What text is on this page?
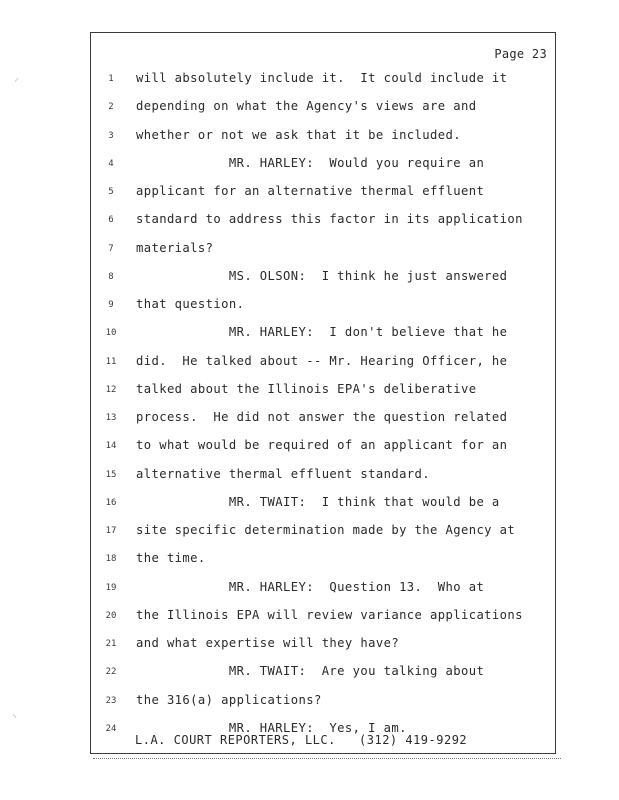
Page 23
1	will absolutely include it.  It could include it
2	depending on what the Agency's views are and
3	whether or not we ask that it be included.
4	MR. HARLEY:  Would you require an
5	applicant for an alternative thermal effluent
6	standard to address this factor in its application
7	materials?
8	MS. OLSON:  I think he just answered
9	that question.
10	MR. HARLEY:  I don't believe that he
11	did.  He talked about -- Mr. Hearing Officer, he
12	talked about the Illinois EPA's deliberative
13	process.  He did not answer the question related
14	to what would be required of an applicant for an
15	alternative thermal effluent standard.
16	MR. TWAIT:  I think that would be a
17	site specific determination made by the Agency at
18	the time.
19	MR. HARLEY:  Question 13.  Who at
20	the Illinois EPA will review variance applications
21	and what expertise will they have?
22	MR. TWAIT:  Are you talking about
23	the 316(a) applications?
24	MR. HARLEY:  Yes, I am.
L.A. COURT REPORTERS, LLC.   (312) 419-9292
⸝
⸜
